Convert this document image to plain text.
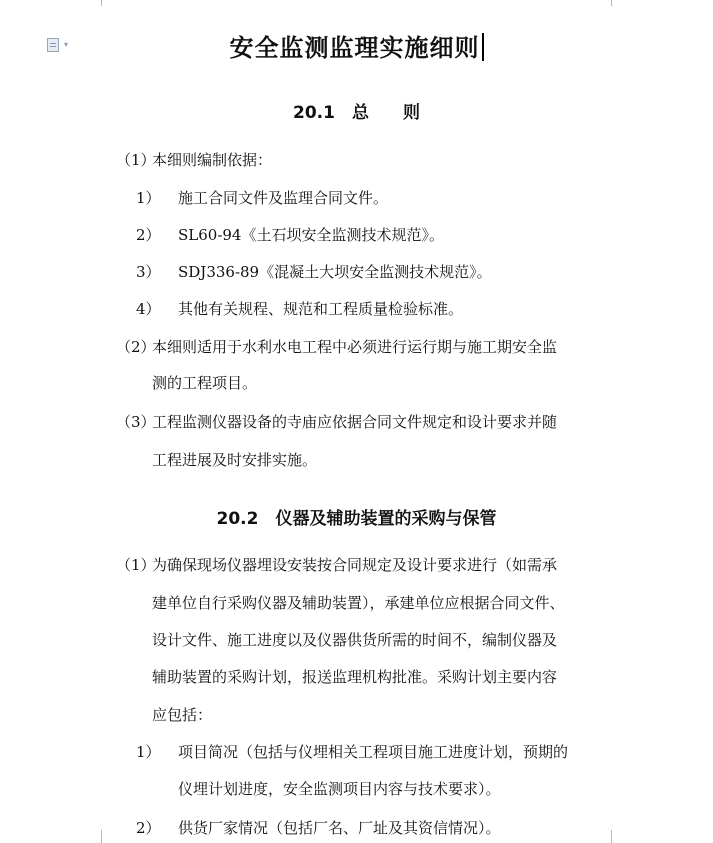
▾	安全监测监理实施细则
20.1　总　　则
（1）
本细则编制依据：
1） 施工合同文件及监理合同文件。
2） SL60-94《土石坝安全监测技术规范》。
3） SDJ336-89《混凝土大坝安全监测技术规范》。
4） 其他有关规程、规范和工程质量检验标准。
（2）
本细则适用于水利水电工程中必须进行运行期与施工期安全监
测的工程项目。
（3）
工程监测仪器设备的寺庙应依据合同文件规定和设计要求并随
工程进展及时安排实施。
20.2　仪器及辅助装置的采购与保管
（1）
为确保现场仪器埋设安装按合同规定及设计要求进行（如需承
建单位自行采购仪器及辅助装置），承建单位应根据合同文件、
设计文件、施工进度以及仪器供货所需的时间不，编制仪器及
辅助装置的采购计划，报送监理机构批准。采购计划主要内容
应包括：
1） 项目简况（包括与仪埋相关工程项目施工进度计划，预期的
仪埋计划进度，安全监测项目内容与技术要求）。
2） 供货厂家情况（包括厂名、厂址及其资信情况）。
